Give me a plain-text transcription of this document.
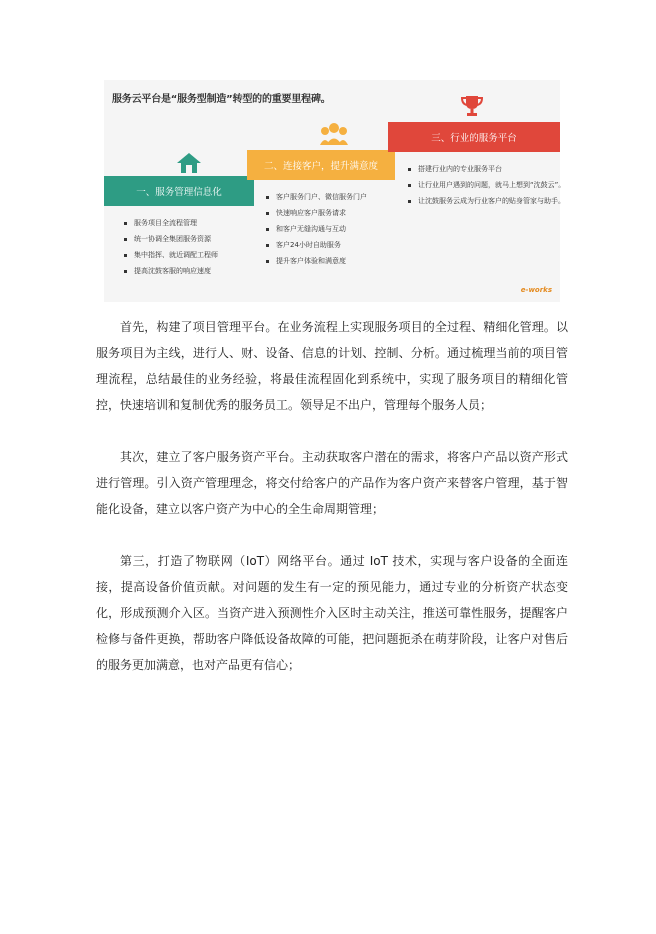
服务云平台是“服务型制造”转型的的重要里程碑。
一、服务管理信息化
二、连接客户，提升满意度
三、行业的服务平台
服务项目全流程管理
统一协调全集团服务资源
集中指挥、就近调配工程师
提高沈鼓客服的响应速度
客户服务门户、微信服务门户
快速响应客户服务请求
和客户无缝沟通与互动
客户24小时自助服务
提升客户体验和满意度
搭建行业内的专业服务平台
让行业用户遇到的问题，就马上想到“沈鼓云”。
让沈鼓服务云成为行业客户的贴身管家与助手。
e-works

首先，构建了项目管理平台。在业务流程上实现服务项目的全过程、精细化管理。以服务项目为主线，进行人、财、设备、信息的计划、控制、分析。通过梳理当前的项目管理流程，总结最佳的业务经验，将最佳流程固化到系统中，实现了服务项目的精细化管控，快速培训和复制优秀的服务员工。领导足不出户，管理每个服务人员；

其次，建立了客户服务资产平台。主动获取客户潜在的需求，将客户产品以资产形式进行管理。引入资产管理理念，将交付给客户的产品作为客户资产来替客户管理，基于智能化设备，建立以客户资产为中心的全生命周期管理；

第三，打造了物联网（IoT）网络平台。通过 IoT 技术，实现与客户设备的全面连接，提高设备价值贡献。对问题的发生有一定的预见能力，通过专业的分析资产状态变化，形成预测介入区。当资产进入预测性介入区时主动关注，推送可靠性服务，提醒客户检修与备件更换，帮助客户降低设备故障的可能，把问题扼杀在萌芽阶段，让客户对售后的服务更加满意，也对产品更有信心；
